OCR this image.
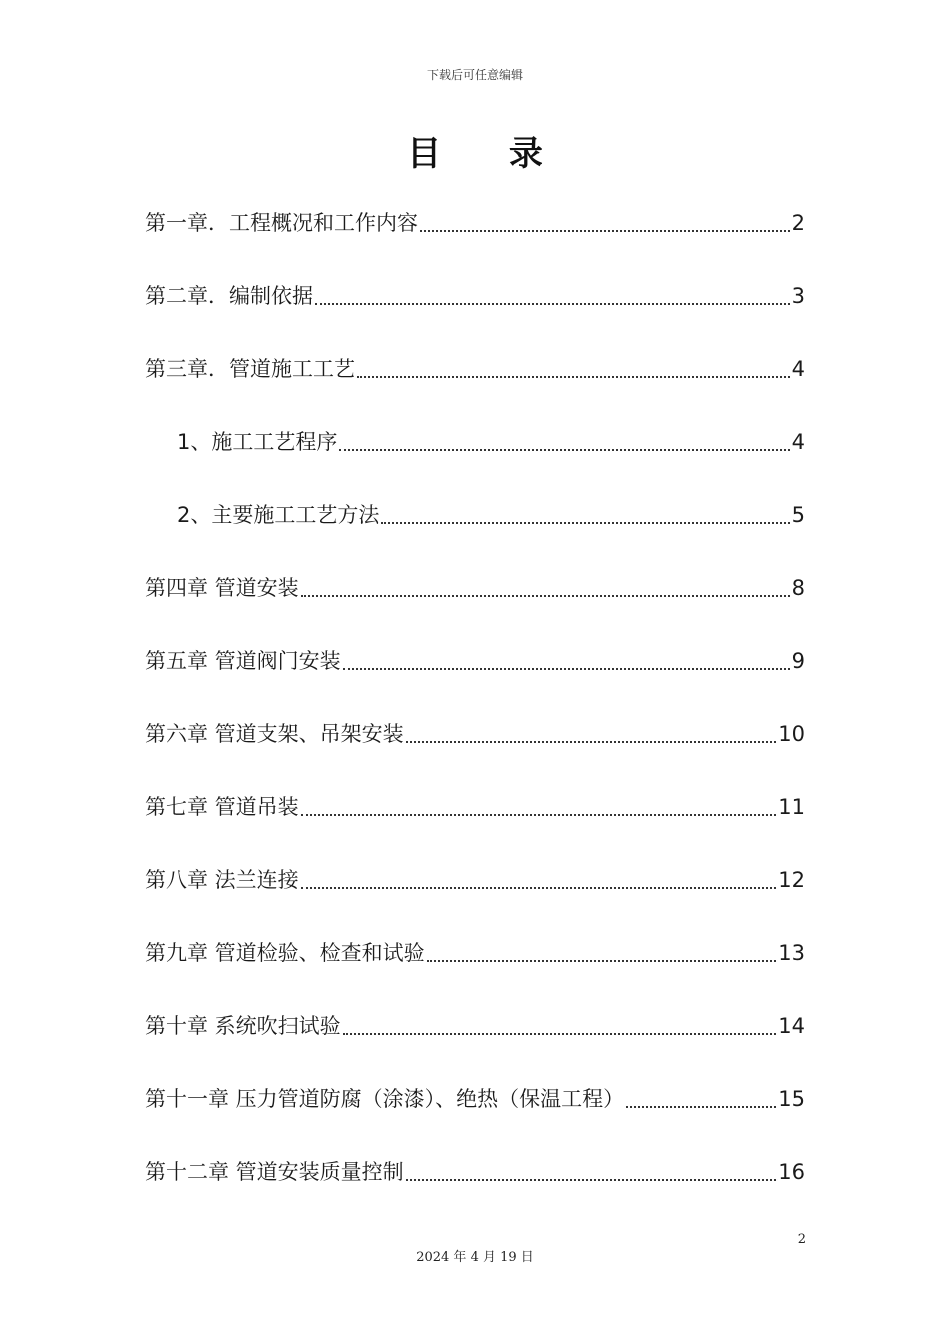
下载后可任意编辑
目 录
第一章．工程概况和工作内容	2
第二章．编制依据	3
第三章．管道施工工艺	4
1、施工工艺程序	4
2、主要施工工艺方法	5
第四章 管道安装	8
第五章 管道阀门安装	9
第六章 管道支架、吊架安装	10
第七章 管道吊装	11
第八章 法兰连接	12
第九章 管道检验、检查和试验	13
第十章 系统吹扫试验	14
第十一章 压力管道防腐（涂漆）、绝热（保温工程）	15
第十二章 管道安装质量控制	16
2
2024 年 4 月 19 日
